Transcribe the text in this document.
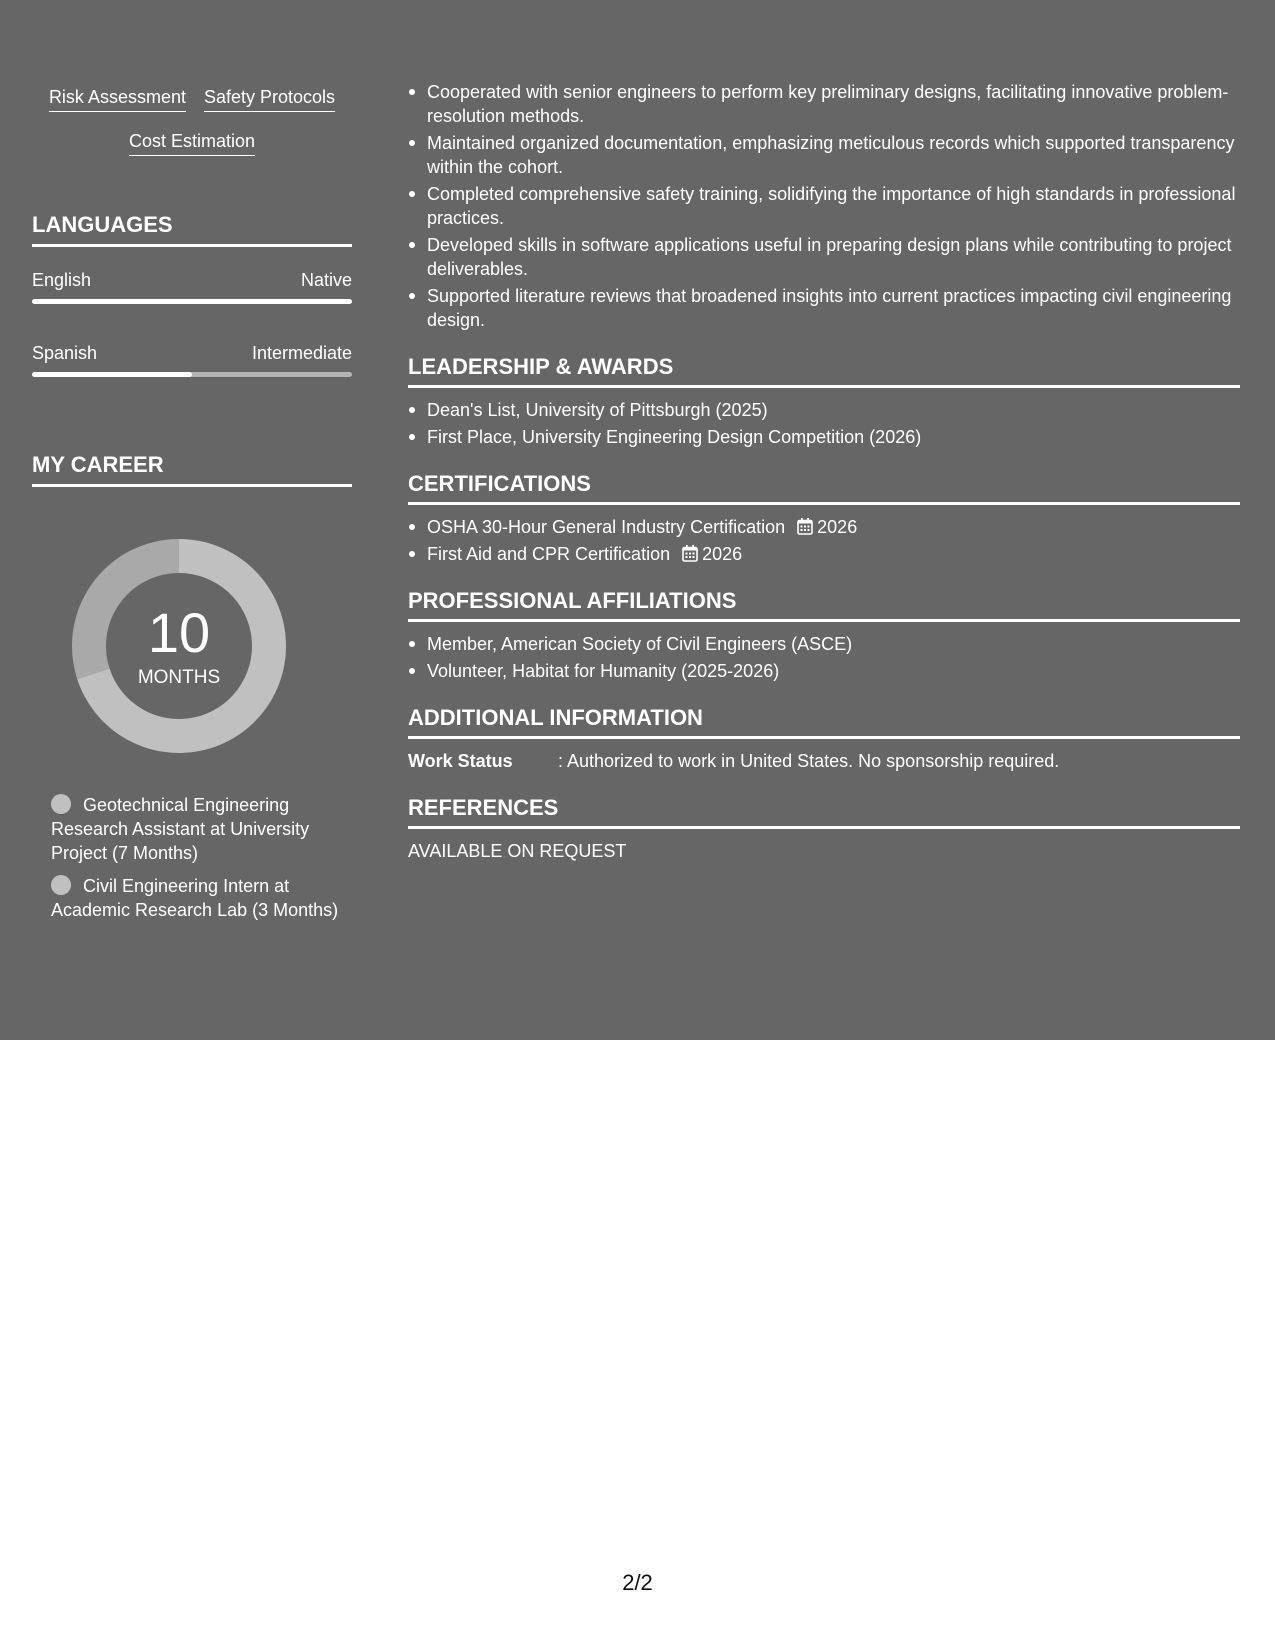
Risk Assessment Safety Protocols
Cost Estimation
LANGUAGES
English	Native
Spanish	Intermediate
MY CAREER
10
MONTHS
Geotechnical Engineering Research Assistant at University Project (7 Months)
Civil Engineering Intern at Academic Research Lab (3 Months)
Cooperated with senior engineers to perform key preliminary designs, facilitating innovative problem-resolution methods.
Maintained organized documentation, emphasizing meticulous records which supported transparency within the cohort.
Completed comprehensive safety training, solidifying the importance of high standards in professional practices.
Developed skills in software applications useful in preparing design plans while contributing to project deliverables.
Supported literature reviews that broadened insights into current practices impacting civil engineering design.
LEADERSHIP & AWARDS
Dean's List, University of Pittsburgh (2025)
First Place, University Engineering Design Competition (2026)
CERTIFICATIONS
OSHA 30-Hour General Industry Certification 2026
First Aid and CPR Certification 2026
PROFESSIONAL AFFILIATIONS
Member, American Society of Civil Engineers (ASCE)
Volunteer, Habitat for Humanity (2025-2026)
ADDITIONAL INFORMATION
Work Status	: Authorized to work in United States. No sponsorship required.
REFERENCES
AVAILABLE ON REQUEST
2/2
